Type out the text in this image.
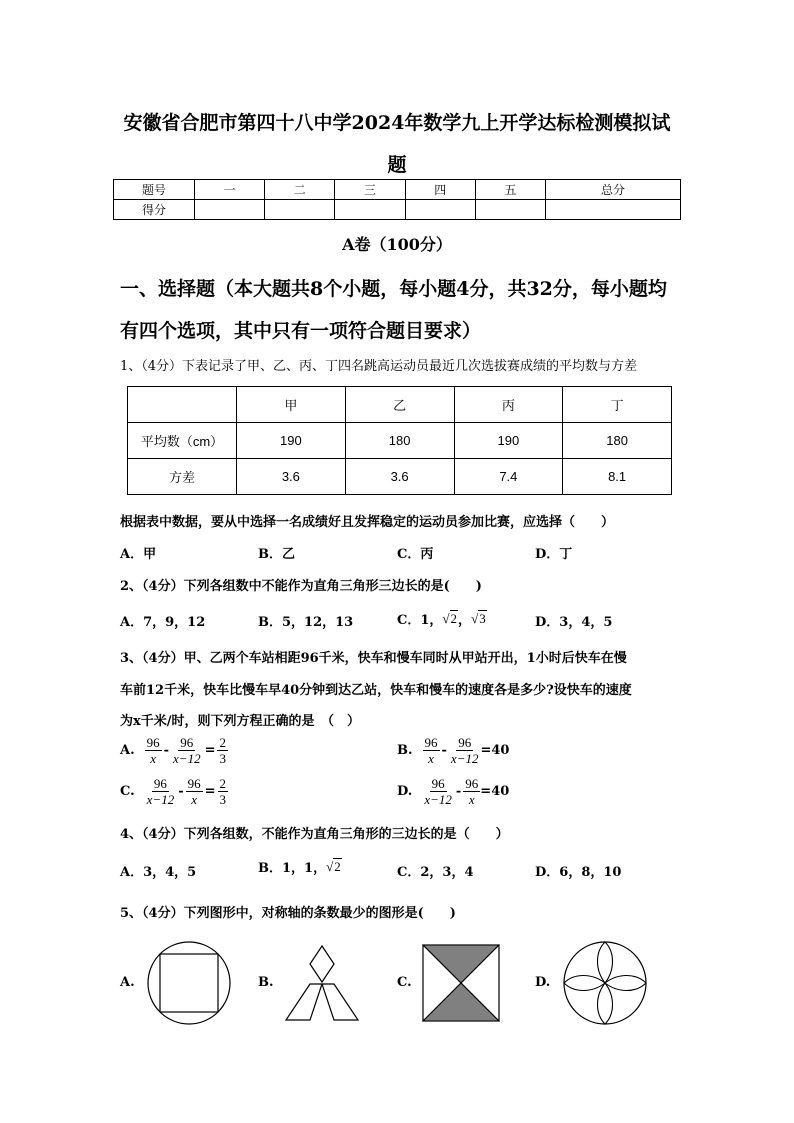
安徽省合肥市第四十八中学2024年数学九上开学达标检测模拟试
题
题号	一	二	三	四	五	总分
得分						
A卷（100分）
一、选择题（本大题共8个小题，每小题4分，共32分，每小题均
有四个选项，其中只有一项符合题目要求）
1、（4分）下表记录了甲、乙、丙、丁四名跳高运动员最近几次选拔赛成绩的平均数与方差
	甲	乙	丙	丁
平均数（cm）	190	180	190	180
方差	3.6	3.6	7.4	8.1
根据表中数据，要从中选择一名成绩好且发挥稳定的运动员参加比赛，应选择（　　）
A．甲	B．乙	C．丙	D．丁
2、（4分）下列各组数中不能作为直角三角形三边长的是(　　)
A．7，9，12	B．5，12，13	C．1， √2 ， √3	D．3，4，5
3、（4分）甲、乙两个车站相距96千米，快车和慢车同时从甲站开出，1小时后快车在慢
车前12千米，快车比慢车早40分钟到达乙站，快车和慢车的速度各是多少?设快车的速度
为x千米/时，则下列方程正确的是　（　）
A. $\frac{96}{x} - \frac{96}{x-12} = \frac{2}{3}$	B. $\frac{96}{x} - \frac{96}{x-12} =40$
C. $\frac{96}{x-12} - \frac{96}{x} = \frac{2}{3}$	D. $\frac{96}{x-12} - \frac{96}{x} =40$
4、（4分）下列各组数，不能作为直角三角形的三边长的是（　　）
A．3，4，5	B．1，1， √2	C．2，3，4	D．6，8，10
5、（4分）下列图形中，对称轴的条数最少的图形是(　　)
A.	B.	C.	D.
